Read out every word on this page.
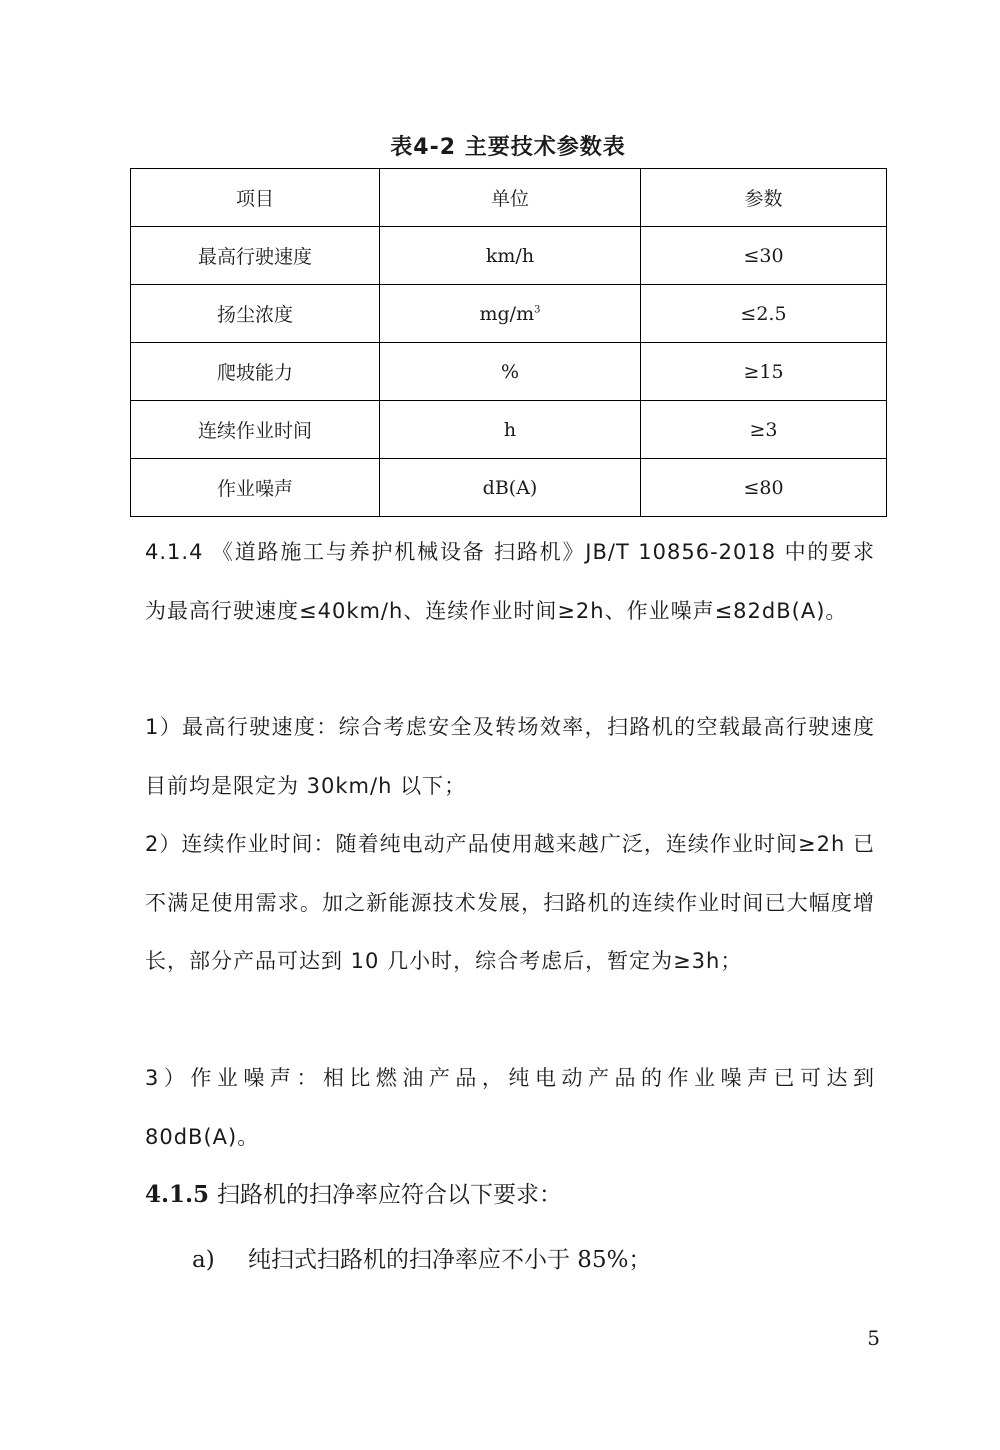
表4-2 主要技术参数表
项目	单位	参数
最高行驶速度	km/h	≤30
扬尘浓度	$mg/m^3$	≤2.5
爬坡能力	%	≥15
连续作业时间	h	≥3
作业噪声	dB(A)	≤80

4.1.4 《道路施工与养护机械设备 扫路机》JB/T 10856-2018 中的要求为最高行驶速度≤40km/h、连续作业时间≥2h、作业噪声≤82dB(A)。

1）最高行驶速度：综合考虑安全及转场效率，扫路机的空载最高行驶速度目前均是限定为 30km/h 以下；

2）连续作业时间：随着纯电动产品使用越来越广泛，连续作业时间≥2h 已不满足使用需求。加之新能源技术发展，扫路机的连续作业时间已大幅度增长，部分产品可达到 10 几小时，综合考虑后，暂定为≥3h；

3）作业噪声：相比燃油产品，纯电动产品的作业噪声已可达到 80dB(A)。

4.1.5 扫路机的扫净率应符合以下要求：
a) 纯扫式扫路机的扫净率应不小于 85%；
5
